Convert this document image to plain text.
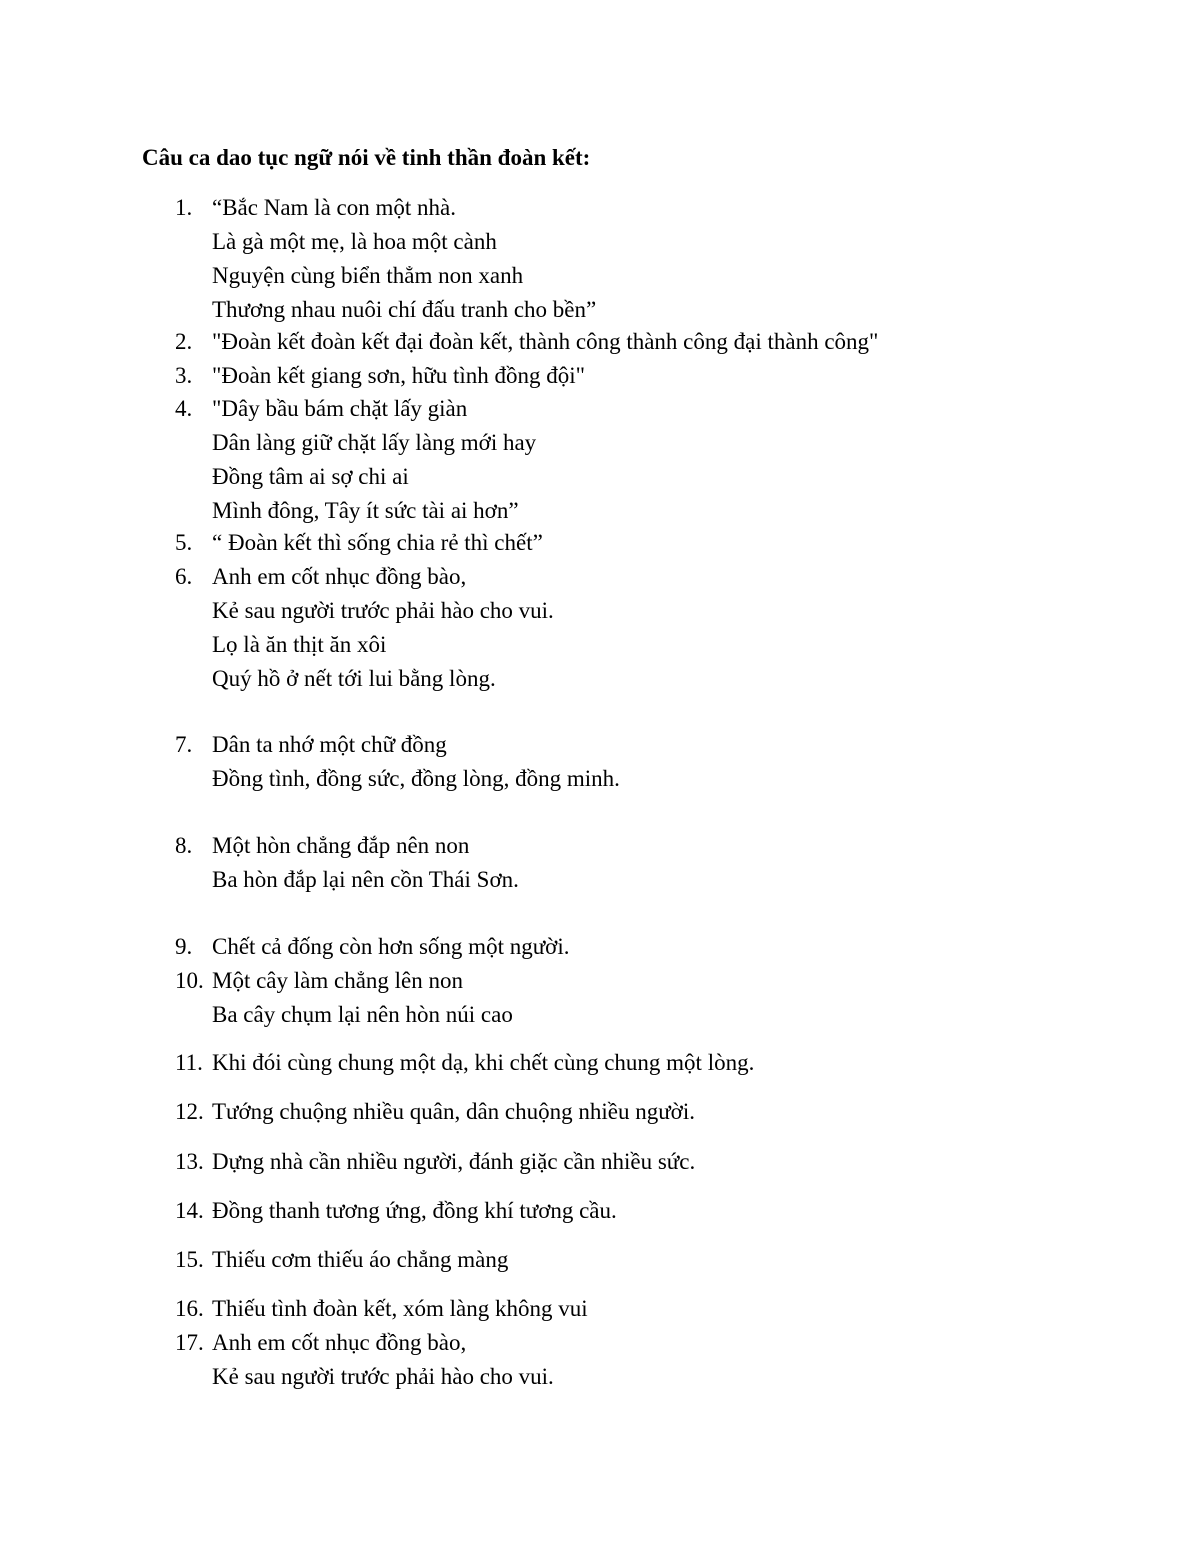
Câu ca dao tục ngữ nói về tinh thần đoàn kết:
1. “Bắc Nam là con một nhà.
Là gà một mẹ, là hoa một cành
Nguyện cùng biển thẳm non xanh
Thương nhau nuôi chí đấu tranh cho bền”
2. "Đoàn kết đoàn kết đại đoàn kết, thành công thành công đại thành công"
3. "Đoàn kết giang sơn, hữu tình đồng đội"
4. "Dây bầu bám chặt lấy giàn
Dân làng giữ chặt lấy làng mới hay
Đồng tâm ai sợ chi ai
Mình đông, Tây ít sức tài ai hơn”
5. “ Đoàn kết thì sống chia rẻ thì chết”
6. Anh em cốt nhục đồng bào,
Kẻ sau người trước phải hào cho vui.
Lọ là ăn thịt ăn xôi
Quý hồ ở nết tới lui bằng lòng.
7. Dân ta nhớ một chữ đồng
Đồng tình, đồng sức, đồng lòng, đồng minh.
8. Một hòn chẳng đắp nên non
Ba hòn đắp lại nên cồn Thái Sơn.
9. Chết cả đống còn hơn sống một người.
10. Một cây làm chẳng lên non
Ba cây chụm lại nên hòn núi cao
11. Khi đói cùng chung một dạ, khi chết cùng chung một lòng.
12. Tướng chuộng nhiều quân, dân chuộng nhiều người.
13. Dựng nhà cần nhiều người, đánh giặc cần nhiều sức.
14. Đồng thanh tương ứng, đồng khí tương cầu.
15. Thiếu cơm thiếu áo chẳng màng
16. Thiếu tình đoàn kết, xóm làng không vui
17. Anh em cốt nhục đồng bào,
Kẻ sau người trước phải hào cho vui.
